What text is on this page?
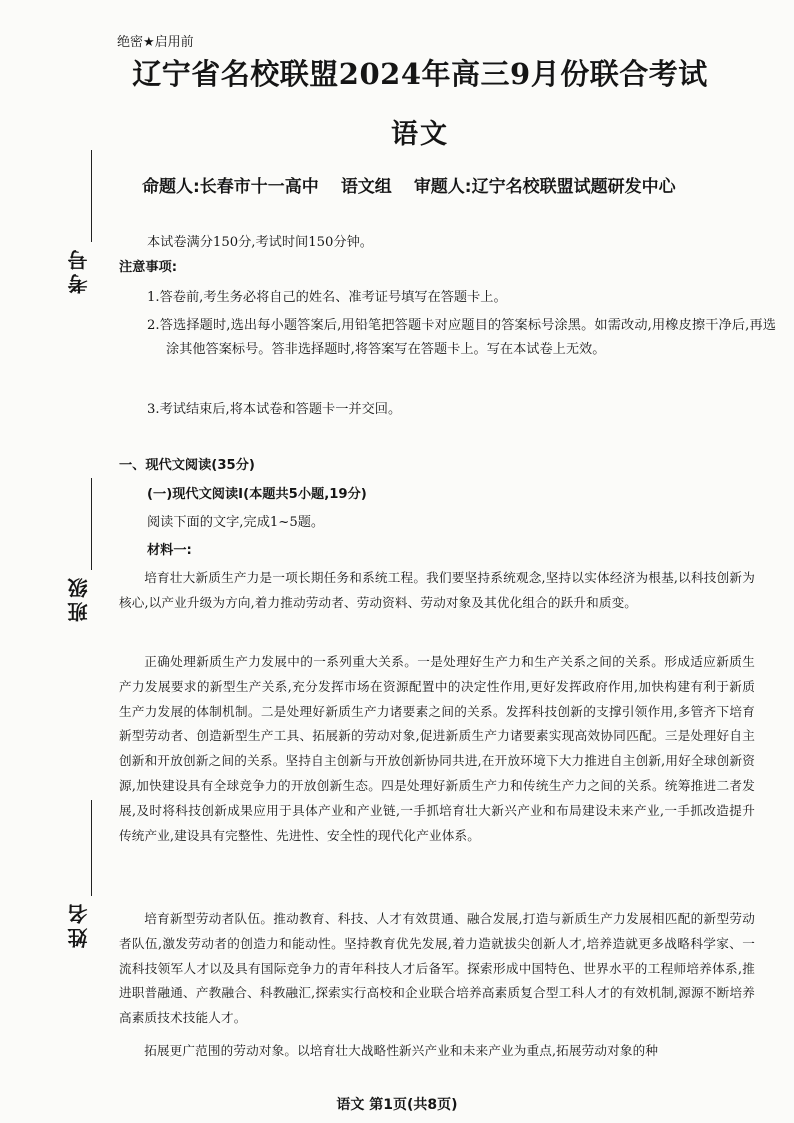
考号
班级
姓名
绝密★启用前
辽宁省名校联盟2024年高三9月份联合考试
语文
命题人:长春市十一高中 语文组 审题人:辽宁名校联盟试题研发中心
本试卷满分150分,考试时间150分钟。
注意事项:
1.答卷前,考生务必将自己的姓名、准考证号填写在答题卡上。
2.答选择题时,选出每小题答案后,用铅笔把答题卡对应题目的答案标号涂黑。如需改动,用橡皮擦干净后,再选涂其他答案标号。答非选择题时,将答案写在答题卡上。写在本试卷上无效。
3.考试结束后,将本试卷和答题卡一并交回。
一、现代文阅读(35分)
(一)现代文阅读Ⅰ(本题共5小题,19分)
阅读下面的文字,完成1~5题。
材料一:
培育壮大新质生产力是一项长期任务和系统工程。我们要坚持系统观念,坚持以实体经济为根基,以科技创新为核心,以产业升级为方向,着力推动劳动者、劳动资料、劳动对象及其优化组合的跃升和质变。
正确处理新质生产力发展中的一系列重大关系。一是处理好生产力和生产关系之间的关系。形成适应新质生产力发展要求的新型生产关系,充分发挥市场在资源配置中的决定性作用,更好发挥政府作用,加快构建有利于新质生产力发展的体制机制。二是处理好新质生产力诸要素之间的关系。发挥科技创新的支撑引领作用,多管齐下培育新型劳动者、创造新型生产工具、拓展新的劳动对象,促进新质生产力诸要素实现高效协同匹配。三是处理好自主创新和开放创新之间的关系。坚持自主创新与开放创新协同共进,在开放环境下大力推进自主创新,用好全球创新资源,加快建设具有全球竞争力的开放创新生态。四是处理好新质生产力和传统生产力之间的关系。统筹推进二者发展,及时将科技创新成果应用于具体产业和产业链,一手抓培育壮大新兴产业和布局建设未来产业,一手抓改造提升传统产业,建设具有完整性、先进性、安全性的现代化产业体系。
培育新型劳动者队伍。推动教育、科技、人才有效贯通、融合发展,打造与新质生产力发展相匹配的新型劳动者队伍,激发劳动者的创造力和能动性。坚持教育优先发展,着力造就拔尖创新人才,培养造就更多战略科学家、一流科技领军人才以及具有国际竞争力的青年科技人才后备军。探索形成中国特色、世界水平的工程师培养体系,推进职普融通、产教融合、科教融汇,探索实行高校和企业联合培养高素质复合型工科人才的有效机制,源源不断培养高素质技术技能人才。
拓展更广范围的劳动对象。以培育壮大战略性新兴产业和未来产业为重点,拓展劳动对象的种
语文 第1页(共8页)
